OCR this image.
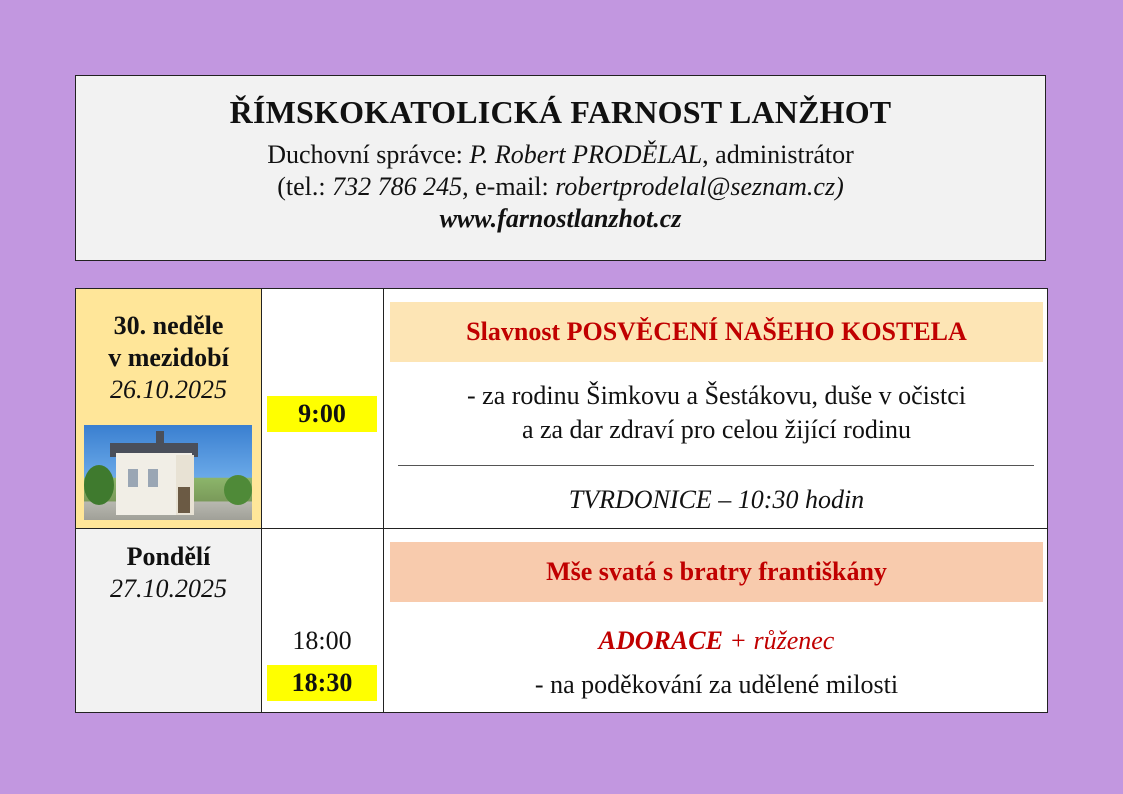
ŘÍMSKOKATOLICKÁ FARNOST LANŽHOT
Duchovní správce: P. Robert PRODĚLAL, administrátor
(tel.: 732 786 245, e-mail: robertprodelal@seznam.cz)
www.farnostlanzhot.cz
30. neděle
v mezidobí
26.10.2025
Pondělí
27.10.2025
9:00
Slavnost POSVĚCENÍ NAŠEHO KOSTELA
- za rodinu Šimkovu a Šestákovu, duše v očistci
a za dar zdraví pro celou žijící rodinu
TVRDONICE – 10:30 hodin
Mše svatá s bratry františkány
18:00
18:30
ADORACE + růženec
- na poděkování za udělené milosti
